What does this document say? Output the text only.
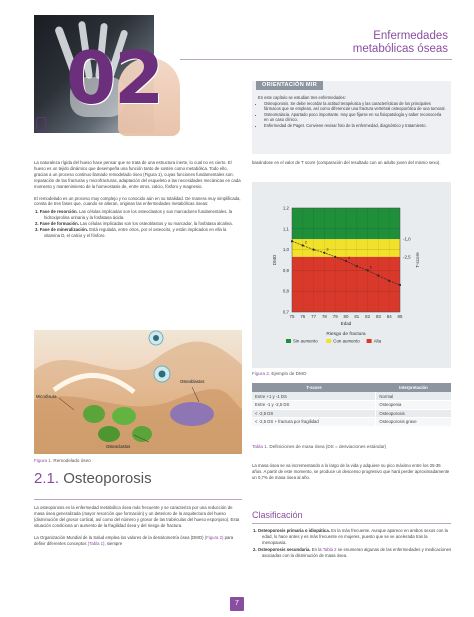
02	Enfermedades
metabólicas óseas
ORIENTACIÓN MIR
En este capítulo se estudian tres enfermedades:
• Osteoporosis. Se debe recordar la actitud terapéutica y las características de los principales fármacos que se emplean, así como diferenciar una fractura vertebral osteoporótica de una tumoral.
• Osteomalacia. Apartado poco importante. Hay que fijarse en su fisiopatología y saber reconocerla en un caso clínico.
• Enfermedad de Paget. Conviene revisar foto de la enfermedad, diagnóstico y tratamiento.

La naturaleza rígida del hueso hace pensar que se trata de una estructura inerte, lo cual no es cierto. El hueso es un tejido dinámico que desempeña una función tanto de sostén como metabólica. Todo ello, gracias a un proceso continuo llamado remodelado óseo (Figura 1), cuyas funciones fundamentales son: reparación de las fracturas y microfracturas, adaptación del esqueleto a las necesidades mecánicas en cada momento y mantenimiento de la homeostasis de, entre otros, calcio, fósforo y magnesio.

El remodelado es un proceso muy complejo y no conocido aún en su totalidad. De manera muy simplificada, consta de tres fases que, cuando se alteran, originan las enfermedades metabólicas óseas:

1. Fase de resorción. Las células implicadas son los osteoclastos y sus marcadores fundamentales, la hidroxiprolina urinaria y la fosfatasa ácida.
2. Fase de formación. Las células implicadas son los osteoblastos y su marcador, la fosfatasa alcalina.
3. Fase de mineralización. Está regulada, entre otros, por el osteocito, y están implicados en ella la vitamina D, el calcio y el fósforo.
Osteoblastos
Microfisura
Osteoclastos
Figura 1. Remodelado óseo
2.1. Osteoporosis

La osteoporosis es la enfermedad metabólica ósea más frecuente y se caracteriza por una reducción de masa ósea generalizada (mayor resorción que formación) y un deterioro de la arquitectura del hueso (disminución del grosor cortical, así como del número y grosor de las trabéculas del hueso esponjoso). Esta situación condiciona un aumento de la fragilidad ósea y del riesgo de fractura.

La Organización Mundial de la Salud emplea los valores de la densitometría ósea (DMO) (Figura 2) para definir diferentes conceptos (Tabla 1), siempre

basándose en el valor de T score (comparación del resultado con un adulto joven del mismo sexo).
0,7
0,8
0,9
1,0
1,1
1,2
-1,0
-2,5
75 76 77 78 79 80 81 82 83 84 85
2
3
4
5
Sin aumento	Con aumento	Alta
DMO	T-score
Edad
Riesgo de fractura
Figura 2. Ejemplo de DMO
T-score	Interpretación
Entre +1 y -1 DS	Normal
Entre -1 y -2,5 DS	Osteopenia
< -2,5 DS	Osteoporosis
< -2,5 DS + fractura por fragilidad	Osteoporosis grave
Tabla 1. Definiciones de masa ósea (DS = desviaciones estándar)
La masa ósea se va incrementando a lo largo de la vida y adquiere su pico máximo entre los 25-35 años. A partir de este momento, se produce un descenso progresivo que hará perder aproximadamente un 0,7% de masa ósea al año.
Clasificación
1. Osteoporosis primaria o idiopática. Es la más frecuente. Aunque aparece en ambos sexos con la edad, lo hace antes y es más frecuente en mujeres, puesto que se ve acelerada tras la menopausia.
2. Osteoporosis secundaria. En la Tabla 2 se enumeran algunas de las enfermedades y medicaciones asociadas con la disminución de masa ósea.
7
